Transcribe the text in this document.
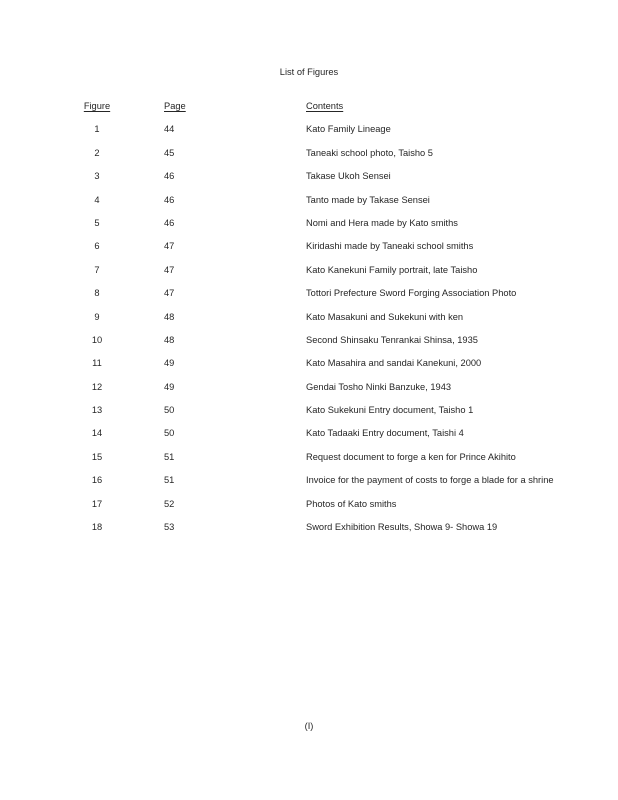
List of Figures
Figure	Page	Contents
1	44	Kato Family Lineage
2	45	Taneaki school photo, Taisho 5
3	46	Takase Ukoh Sensei
4	46	Tanto made by Takase Sensei
5	46	Nomi and Hera made by Kato smiths
6	47	Kiridashi made by Taneaki school smiths
7	47	Kato Kanekuni Family portrait, late Taisho
8	47	Tottori Prefecture Sword Forging Association Photo
9	48	Kato Masakuni and Sukekuni with ken
10	48	Second Shinsaku Tenrankai Shinsa, 1935
11	49	Kato Masahira and sandai Kanekuni, 2000
12	49	Gendai Tosho Ninki Banzuke, 1943
13	50	Kato Sukekuni Entry document, Taisho 1
14	50	Kato Tadaaki Entry document, Taishi 4
15	51	Request document to forge a ken for Prince Akihito
16	51	Invoice for the payment of costs to forge a blade for a shrine
17	52	Photos of Kato smiths
18	53	Sword Exhibition Results, Showa 9- Showa 19
(I)
